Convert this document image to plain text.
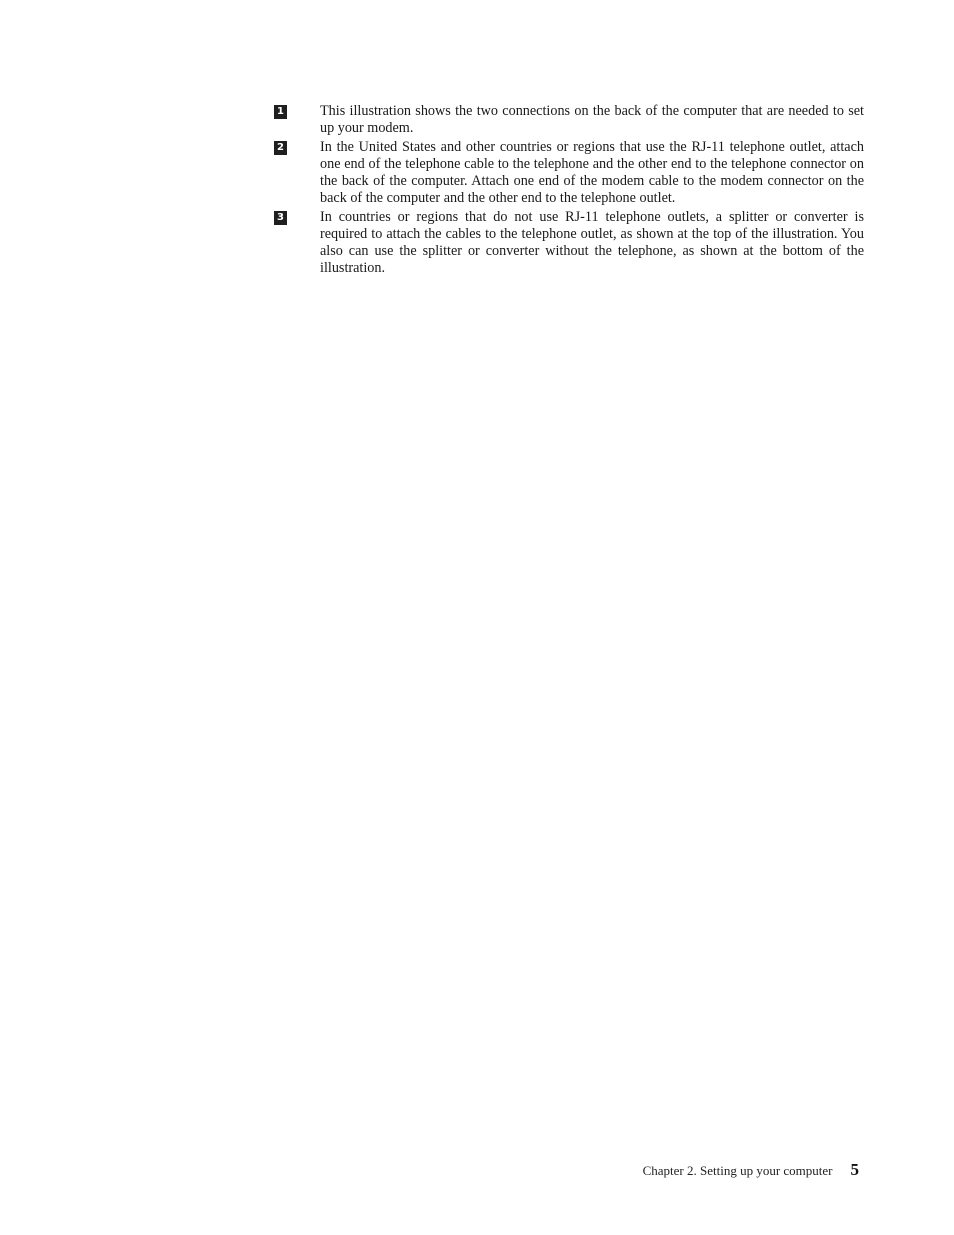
1	This illustration shows the two connections on the back of the computer that are needed to set up your modem.

2	In the United States and other countries or regions that use the RJ-11 telephone outlet, attach one end of the telephone cable to the telephone and the other end to the telephone connector on the back of the computer. Attach one end of the modem cable to the modem connector on the back of the computer and the other end to the telephone outlet.

3	In countries or regions that do not use RJ-11 telephone outlets, a splitter or converter is required to attach the cables to the telephone outlet, as shown at the top of the illustration. You also can use the splitter or converter without the telephone, as shown at the bottom of the illustration.

Chapter 2. Setting up your computer 5
